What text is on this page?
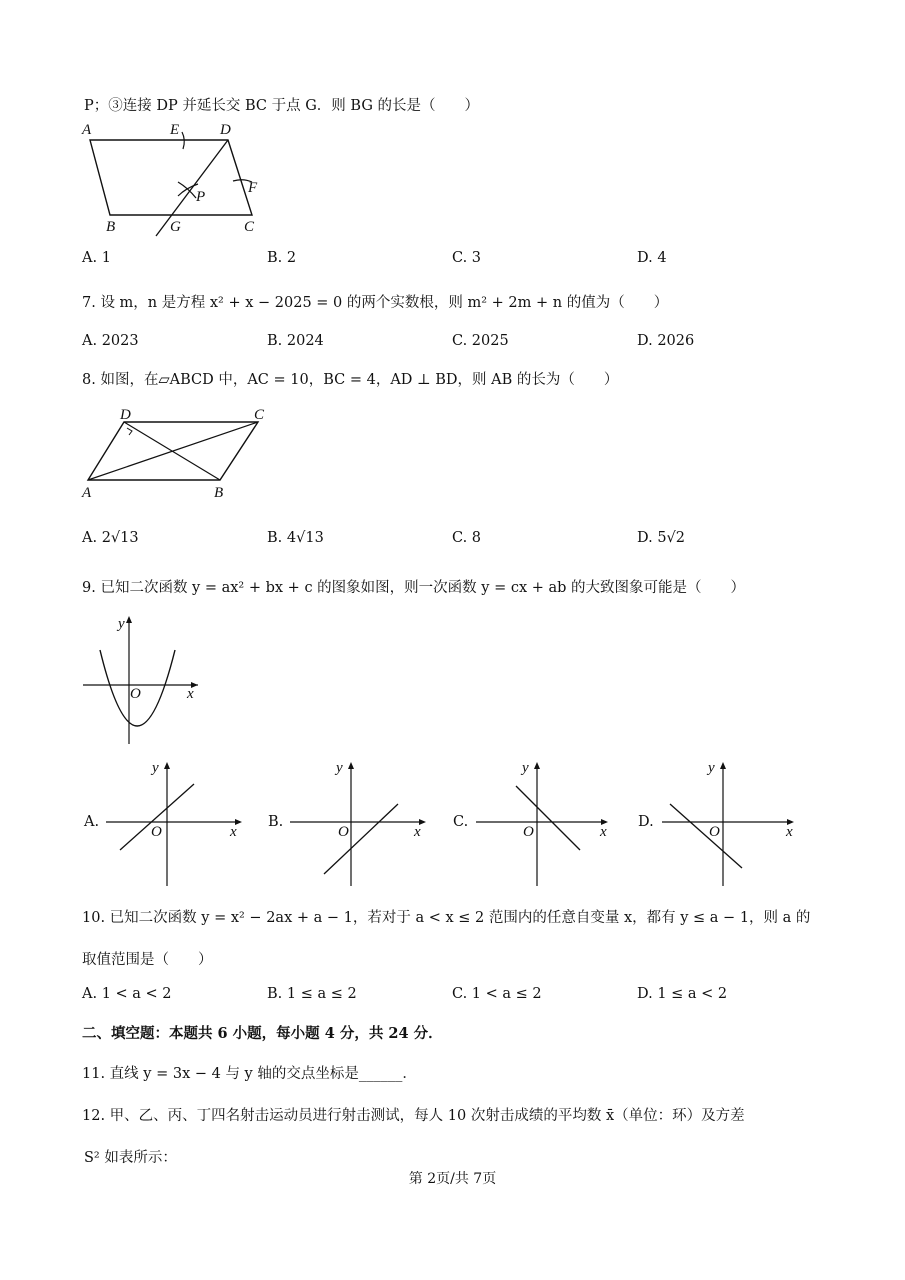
P；③连接 DP 并延长交 BC 于点 G．则 BG 的长是（　　）
A	E	D
P
F
B	G	C
A. 1	B. 2	C. 3	D. 4
7. 设 m，n 是方程 x² + x − 2025 = 0 的两个实数根，则 m² + 2m + n 的值为（　　）
A. 2023	B. 2024	C. 2025	D. 2026
8. 如图，在▱ABCD 中，AC = 10，BC = 4，AD ⊥ BD，则 AB 的长为（　　）
D	C
A	B
A. 2√13	B. 4√13	C. 8	D. 5√2
9. 已知二次函数 y = ax² + bx + c 的图象如图，则一次函数 y = cx + ab 的大致图象可能是（　　）
y
x
O
A.
y
x
O
B.
y
x
O
C.
y
x
O
D.
y
x
O
10. 已知二次函数 y = x² − 2ax + a − 1，若对于 a < x ≤ 2 范围内的任意自变量 x，都有 y ≤ a − 1，则 a 的
取值范围是（　　）
A. 1 < a < 2	B. 1 ≤ a ≤ 2	C. 1 < a ≤ 2	D. 1 ≤ a < 2
二、填空题：本题共 6 小题，每小题 4 分，共 24 分．
11. 直线 y = 3x − 4 与 y 轴的交点坐标是______．
12. 甲、乙、丙、丁四名射击运动员进行射击测试，每人 10 次射击成绩的平均数 x̄（单位：环）及方差
S² 如表所示：
第 2页/共 7页
